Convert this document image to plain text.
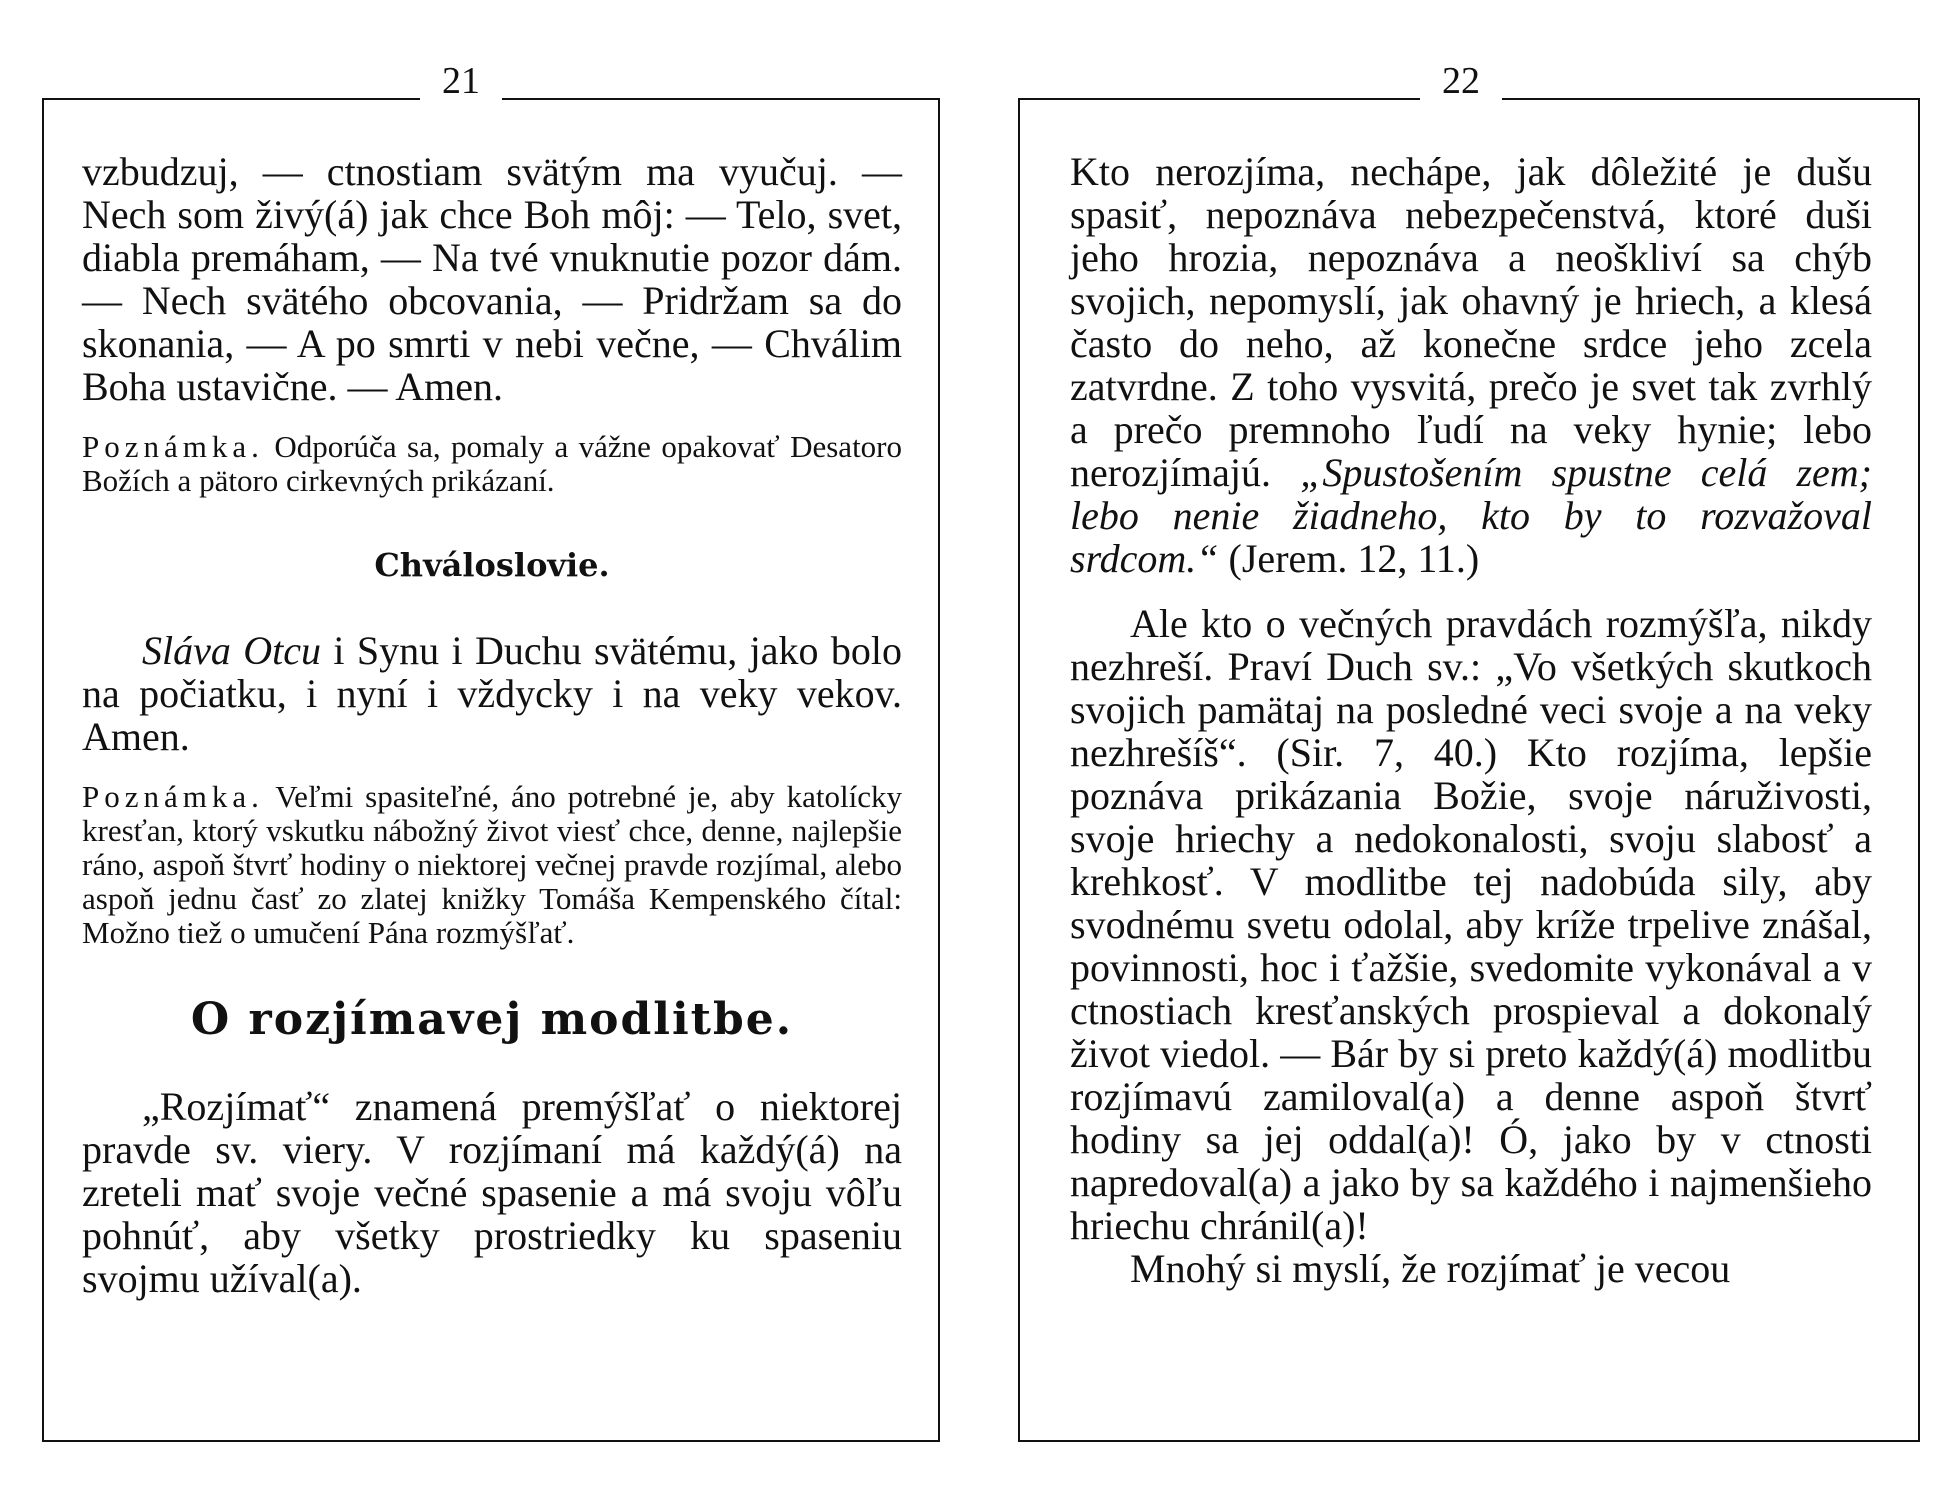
21

vzbudzuj, — ctnostiam svätým ma vyučuj. — Nech som živý(á) jak chce Boh môj: — Telo, svet, diabla premáham, — Na tvé vnuknutie pozor dám. — Nech svätého obcovania, — Pridržam sa do skonania, — A po smrti v nebi večne, — Chválim Boha ustavične. — Amen.

Poznámka. Odporúča sa, pomaly a vážne opakovať Desatoro Božích a pätoro cirkevných prikázaní.

Chváloslovie.

Sláva Otcu i Synu i Duchu svätému, jako bolo na počiatku, i nyní i vždycky i na veky vekov. Amen.

Poznámka. Veľmi spasiteľné, áno potrebné je, aby katolícky kresťan, ktorý vskutku nábožný život viesť chce, denne, najlepšie ráno, aspoň štvrť hodiny o niektorej večnej pravde rozjímal, alebo aspoň jednu časť zo zlatej knižky Tomáša Kempenského čítal: Možno tiež o umučení Pána rozmýšľať.

O rozjímavej modlitbe.

„Rozjímať“ znamená premýšľať o niektorej pravde sv. viery. V rozjímaní má každý(á) na zreteli mať svoje večné spasenie a má svoju vôľu pohnúť, aby všetky prostriedky ku spaseniu svojmu užíval(a).

22

Kto nerozjíma, nechápe, jak dôležité je dušu spasiť, nepoznáva nebezpečenstvá, ktoré duši jeho hrozia, nepoznáva a neoškliví sa chýb svojich, nepomyslí, jak ohavný je hriech, a klesá často do neho, až konečne srdce jeho zcela zatvrdne. Z toho vysvitá, prečo je svet tak zvrhlý a prečo premnoho ľudí na veky hynie; lebo nerozjímajú. „Spustošením spustne celá zem; lebo nenie žiadneho, kto by to rozvažoval srdcom.“ (Jerem. 12, 11.)

Ale kto o večných pravdách rozmýšľa, nikdy nezhreší. Praví Duch sv.: „Vo všetkých skutkoch svojich pamätaj na posledné veci svoje a na veky nezhrešíš“. (Sir. 7, 40.) Kto rozjíma, lepšie poznáva prikázania Božie, svoje náruživosti, svoje hriechy a nedokonalosti, svoju slabosť a krehkosť. V modlitbe tej nadobúda sily, aby svodnému svetu odolal, aby kríže trpelive znášal, povinnosti, hoc i ťažšie, svedomite vykonával a v ctnostiach kresťanských prospieval a dokonalý život viedol. — Bár by si preto každý(á) modlitbu rozjímavú zamiloval(a) a denne aspoň štvrť hodiny sa jej oddal(a)! Ó, jako by v ctnosti napredoval(a) a jako by sa každého i najmenšieho hriechu chránil(a)!

Mnohý si myslí, že rozjímať je vecou
